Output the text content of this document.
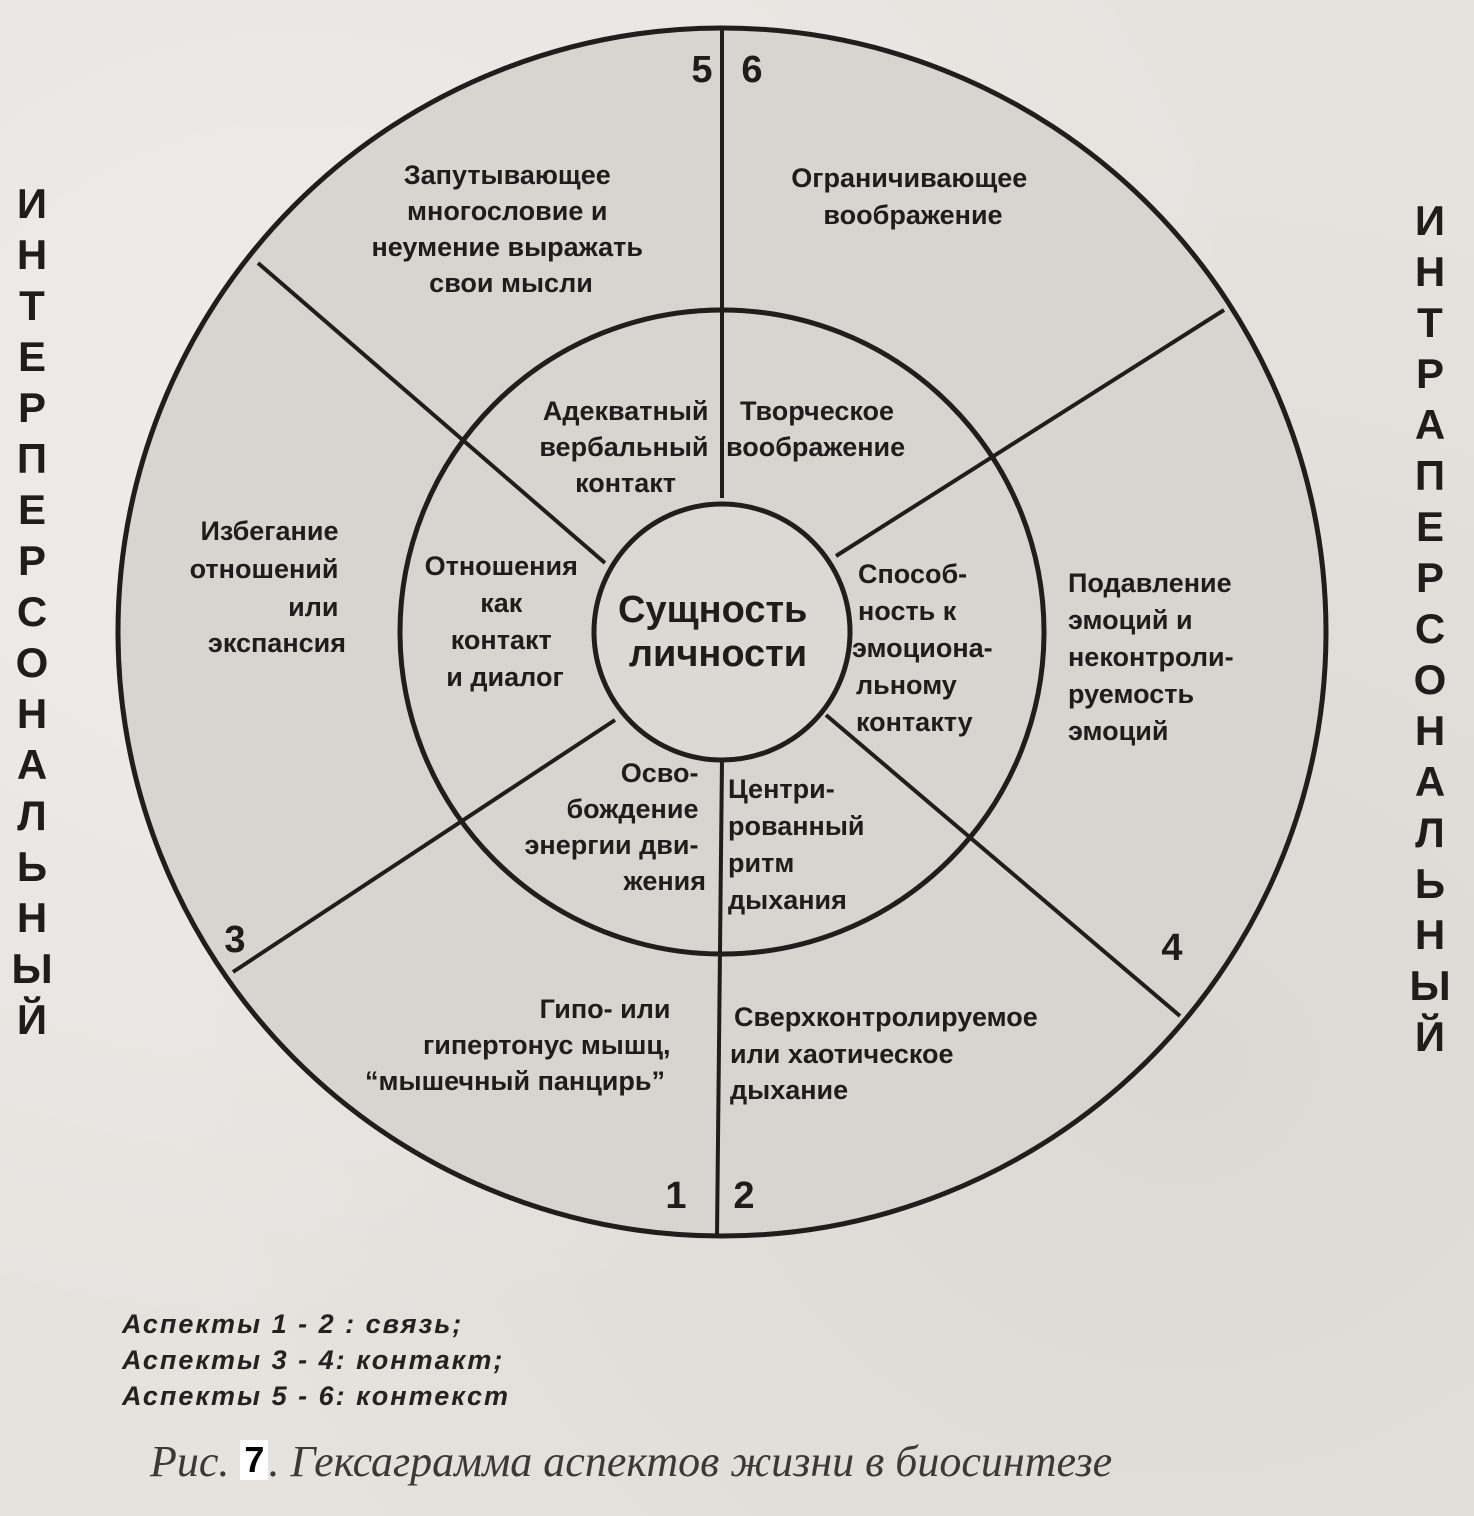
5 6
3	4
1 2
Сущность личности
Запутывающее многословие и неумение выражать свои мысли
Ограничивающее воображение
Избегание отношений или экспансия
Подавление эмоций и неконтроли- руемость эмоций
Гипо- или гипертонус мышц, “мышечный панцирь”
Сверхконтролируемое или хаотическое дыхание
Адекватный вербальный контакт
Творческое воображение
Отношения как контакт и диалог
Способ- ность к эмоциона- льному контакту
Осво- бождение энергии дви- жения
Центри- рованный ритм дыхания
И
Н
Т
Е
Р
П
Е
Р
С
О
Н
А
Л
Ь
Н
Ы
Й
И
Н
Т
Р
А
П
Е
Р
С
О
Н
А
Л
Ь
Н
Ы
Й
Аспекты 1 - 2 : связь;
Аспекты 3 - 4: контакт;
Аспекты 5 - 6: контекст
Рис. 7. Гексаграмма аспектов жизни в биосинтезе
